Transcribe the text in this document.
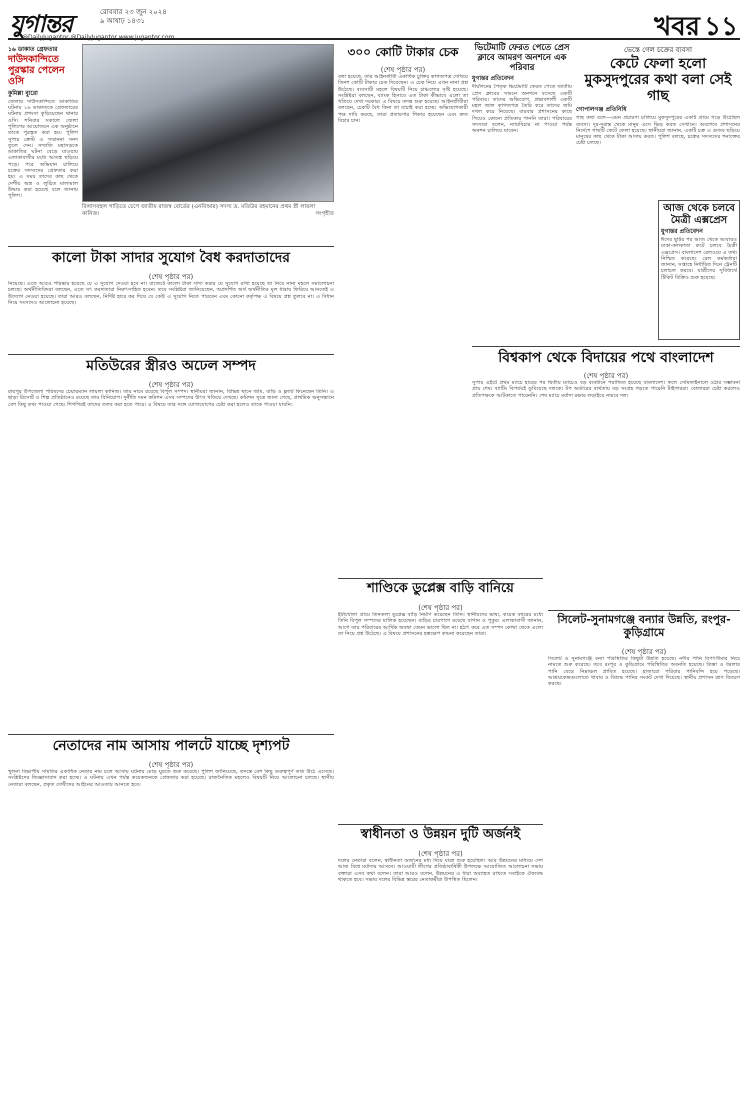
যুগান্তর	রোববার ২৩ জুন ২০২৪
৯ আষাঢ় ১৪৩১
@DailyJugantor @DailyJugantor www.jugantor.com	খবর ১১
১৬ ডাকাত গ্রেফতার
দাউদকান্দিতে পুরস্কার পেলেন ওসি
কুমিল্লা ব্যুরো
জেলার দাউদকান্দিতে ডাকাতির ঘটনায় ১৬ ডাকাতকে গ্রেফতারের ঘটনায় প্রশংসা কুড়িয়েছেন থানার ওসি। শনিবার সকালে জেলা পুলিশের আয়োজনে এক অনুষ্ঠানে তাকে পুরস্কৃত করা হয়। পুলিশ সুপার ক্রেস্ট ও সম্মাননা সনদ তুলে দেন। সম্প্রতি মহাসড়কে ডাকাতির ঘটনা বেড়ে যাওয়ায় এলাকাবাসীর মধ্যে আতঙ্ক ছড়িয়ে পড়ে। পরে অভিযান চালিয়ে চক্রের সদস্যদের গ্রেফতার করা হয়। এ সময় তাদের কাছ থেকে দেশীয় অস্ত্র ও লুণ্ঠিত মালামাল উদ্ধার করা হয়েছে বলে জানায় পুলিশ।
বিলাসবহুল গাড়িতে চেপে জাতীয় রাজস্ব বোর্ডের (এনবিআর) সদস্য ড. মতিউর রহমানের প্রথম স্ত্রী লায়লা কানিজ।	সংগৃহীত
কালো টাকা সাদার সুযোগ বৈধ করদাতাদের
(শেষ পৃষ্ঠার পর)
নিয়েছে। এতে আরও পরিষ্কার হয়েছে যে এ সুযোগ দেওয়া হবে না। বাজেটে কালো টাকা সাদা করার যে সুযোগ রাখা হয়েছে তা নিয়ে নানা মহলে সমালোচনা চলছে। অর্থনীতিবিদরা বলছেন, এতে সৎ করদাতারা নিরুৎসাহিত হবেন। তবে সংশ্লিষ্টরা জানিয়েছেন, অপ্রদর্শিত অর্থ অর্থনীতির মূল ধারায় ফিরিয়ে আনতেই এ উদ্যোগ নেওয়া হয়েছে। তারা আরও বলছেন, নির্দিষ্ট হারে কর দিয়ে যে কেউ এ সুযোগ নিতে পারবেন এবং কোনো কর্তৃপক্ষ এ বিষয়ে প্রশ্ন তুলবে না। এ বিধান নিয়ে সংসদেও আলোচনা হয়েছে।
মতিউরের স্ত্রীরও অঢেল সম্পদ
(শেষ পৃষ্ঠার পর)
রায়পুর উপজেলা পরিষদের চেয়ারম্যান লায়লা কানিজ। তার নামে রয়েছে বিপুল সম্পদ। স্থানীয়রা জানান, বিভিন্ন স্থানে জমি, বাড়ি ও ফ্ল্যাট কিনেছেন তিনি। এ ছাড়া রিসোর্ট ও শিল্প প্রতিষ্ঠানেও রয়েছে তার বিনিয়োগ। দুর্নীতি দমন কমিশন এসব সম্পদের উৎস খতিয়ে দেখছে। কমিশন সূত্রে জানা গেছে, প্রাথমিক অনুসন্ধানে বেশ কিছু তথ্য পাওয়া গেছে। শিগগিরই তাদের তলব করা হতে পারে। এ বিষয়ে তার সঙ্গে যোগাযোগের চেষ্টা করা হলেও তাকে পাওয়া যায়নি।
নেতাদের নাম আসায় পালটে যাচ্ছে দৃশ্যপট
(শেষ পৃষ্ঠার পর)
খুলনা বিভাগীয় সমিতির একাধিক নেতার নাম চলে আসায় ঘটনার মোড় ঘুরতে শুরু করেছে। পুলিশ জানিয়েছে, তদন্তে বেশ কিছু গুরুত্বপূর্ণ তথ্য উঠে এসেছে। সংশ্লিষ্টদের জিজ্ঞাসাবাদ করা হচ্ছে। এ ঘটনায় এখন পর্যন্ত কয়েকজনকে গ্রেফতার করা হয়েছে। রাজনৈতিক মহলেও বিষয়টি নিয়ে আলোচনা চলছে। স্থানীয় নেতারা বলছেন, প্রকৃত দোষীদের আইনের আওতায় আনতে হবে।
৩০০ কোটি টাকার চেক
(শেষ পৃষ্ঠার পর)
বলা হয়েছে, তার আইনজীবী একাধিক চুক্তির কাগজপত্র দেখিয়ে তিনশ কোটি টাকার চেক দিয়েছেন। এ চেক নিয়ে এখন নানা প্রশ্ন উঠেছে। ব্যবসায়ী মহলে বিষয়টি নিয়ে চাঞ্চল্যের সৃষ্টি হয়েছে। সংশ্লিষ্টরা বলছেন, ব্যাংক হিসাবে এত টাকা কীভাবে এলো তা খতিয়ে দেখা দরকার। এ বিষয়ে তদন্ত শুরু হয়েছে। আইনজীবীরা বলছেন, চেকটি বৈধ কিনা তা যাচাই করা হচ্ছে। অভিযোগকারী পক্ষ দাবি করছে, তারা প্রতারণার শিকার হয়েছেন এবং দ্রুত বিচার চান।
শাণ্ডিকে ডুপ্লেক্স বাড়ি বানিয়ে
(শেষ পৃষ্ঠার পর)
ইটাখোলা গ্রামে তিনতলা ডুপ্লেক্স বাড়ি নির্মাণ করেছেন তিনি। স্থানীয়দের ভাষ্য, কয়েক বছরের মধ্যে তিনি বিপুল সম্পদের মালিক হয়েছেন। বাড়ির চারপাশে রয়েছে বাগান ও পুকুর। এলাকাবাসী জানান, আগে তার পরিবারের আর্থিক অবস্থা তেমন ভালো ছিল না। হঠাৎ করে এত সম্পদ কোথা থেকে এলো তা নিয়ে প্রশ্ন উঠেছে। এ বিষয়ে প্রশাসনের হস্তক্ষেপ কামনা করেছেন তারা।
স্বাধীনতা ও উন্নয়ন দুটি অর্জনই
(শেষ পৃষ্ঠার পর)
দলের নেতারা বলেন, স্বাধীনতা অর্জনের মধ্য দিয়ে যাত্রা শুরু হয়েছিল। আর উন্নয়নের মাধ্যমে দেশ আজ বিশ্বে মর্যাদার আসনে। আওয়ামী লীগের প্রতিষ্ঠাবার্ষিকী উপলক্ষে আয়োজিত আলোচনা সভায় বক্তারা এসব কথা বলেন। তারা আরও বলেন, উন্নয়নের এ ধারা অব্যাহত রাখতে সবাইকে ঐক্যবদ্ধ থাকতে হবে। সভায় দলের বিভিন্ন স্তরের নেতাকর্মীরা উপস্থিত ছিলেন।
ভিটেমাটি ফেরত পেতে প্রেস ক্লাবে আমরণ অনশনে এক পরিবার
যুগান্তর প্রতিবেদন
দীর্ঘদিনের পৈতৃক ভিটেমাটি ফেরত পেতে জাতীয় প্রেস ক্লাবের সামনে অনশনে বসেছে একটি পরিবার। তাদের অভিযোগ, প্রভাবশালী একটি মহল জাল কাগজপত্র তৈরি করে তাদের জমি দখল করে নিয়েছে। বারবার প্রশাসনের কাছে গিয়েও কোনো প্রতিকার পাননি তারা। পরিবারের সদস্যরা বলেন, ন্যায়বিচার না পাওয়া পর্যন্ত অনশন চালিয়ে যাবেন।
ভেস্তে গেল চক্রের ব্যবসা
কেটে ফেলা হলো মুকসুদপুরের কথা বলা সেই গাছ
গোপালগঞ্জ প্রতিনিধি
গাছ কথা বলে—এমন প্রচারণা চালিয়ে মুকসুদপুরের একটি গ্রামে গড়ে উঠেছিল ব্যবসা। দূর-দূরান্ত থেকে মানুষ এসে ভিড় করত সেখানে। অবশেষে প্রশাসনের নির্দেশে গাছটি কেটে ফেলা হয়েছে। স্থানীয়রা জানান, একটি চক্র এ গুজব ছড়িয়ে মানুষের কাছ থেকে টাকা আদায় করত। পুলিশ বলছে, চক্রের সদস্যদের শনাক্তের চেষ্টা চলছে।
আজ থেকে চলবে মৈত্রী এক্সপ্রেস
যুগান্তর প্রতিবেদন
ঈদের ছুটির পর আজ থেকে আবারও ঢাকা-কলকাতা রুটে চলবে মৈত্রী এক্সপ্রেস। বাংলাদেশ রেলওয়ে এ তথ্য নিশ্চিত করেছে। রেল কর্মকর্তারা জানান, সপ্তাহে নির্ধারিত দিনে ট্রেনটি চলাচল করবে। যাত্রীদের সুবিধার্থে টিকিট বিক্রিও শুরু হয়েছে।
বিশ্বকাপ থেকে বিদায়ের পথে বাংলাদেশ
(শেষ পৃষ্ঠার পর)
সুপার এইটে প্রথম ম্যাচে হারের পর দ্বিতীয় ম্যাচেও বড় ব্যবধানে পরাজিত হয়েছে বাংলাদেশ। ফলে সেমিফাইনালে ওঠার সম্ভাবনা প্রায় শেষ। ব্যাটিং বিপর্যয়ই ডুবিয়েছে দলকে। টপ অর্ডারের ব্যর্থতায় বড় সংগ্রহ গড়তে পারেনি টাইগাররা। বোলাররা চেষ্টা করলেও প্রতিপক্ষকে আটকাতে পারেননি। শেষ ম্যাচে মর্যাদা রক্ষার লড়াইয়ে নামবে দল।
সিলেট-সুনামগঞ্জে বন্যার উন্নতি, রংপুর-কুড়িগ্রামে
(শেষ পৃষ্ঠার পর)
সিলেট ও সুনামগঞ্জে বন্যা পরিস্থিতির কিছুটা উন্নতি হয়েছে। নদীর পানি বিপৎসীমার নিচে নামতে শুরু করেছে। তবে রংপুর ও কুড়িগ্রামে পরিস্থিতির অবনতি হয়েছে। তিস্তা ও ধরলার পানি বেড়ে নিম্নাঞ্চল প্লাবিত হয়েছে। হাজারো পরিবার পানিবন্দি হয়ে পড়েছে। আশ্রয়কেন্দ্রগুলোতে খাবার ও বিশুদ্ধ পানির সংকট দেখা দিয়েছে। স্থানীয় প্রশাসন ত্রাণ বিতরণ করছে।
